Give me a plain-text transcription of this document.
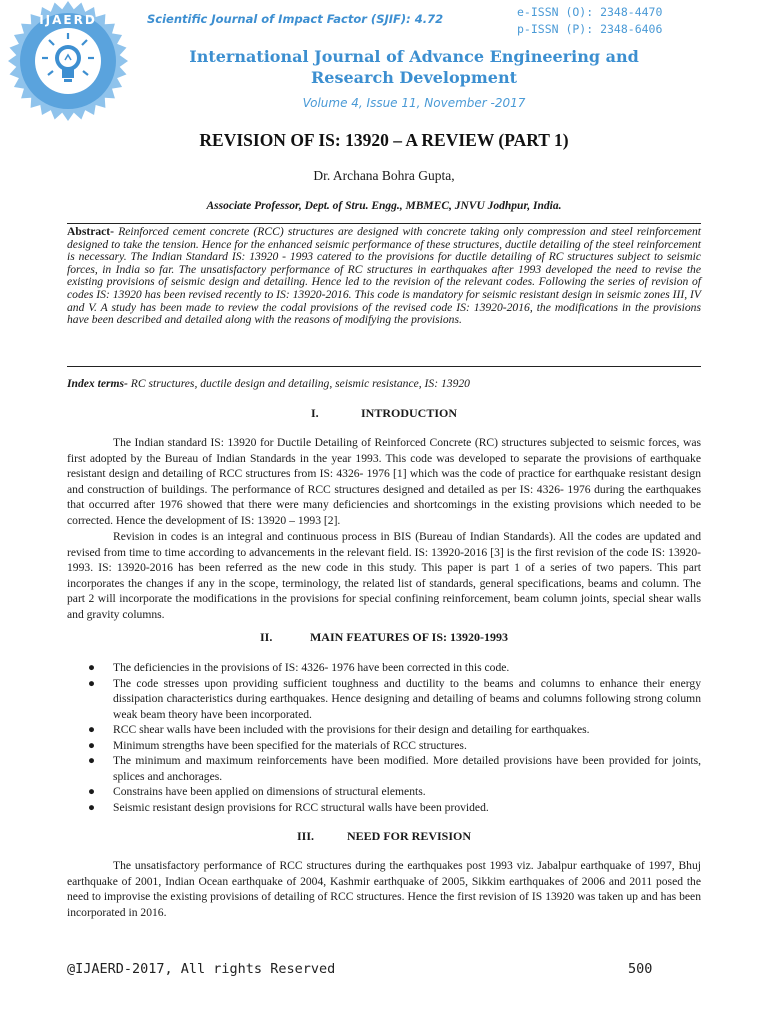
IJAERD	Scientific Journal of Impact Factor (SJIF): 4.72	e-ISSN (O): 2348-4470
p-ISSN (P): 2348-6406
International Journal of Advance Engineering and Research Development
Volume 4, Issue 11, November -2017
REVISION OF IS: 13920 – A REVIEW (PART 1)
Dr. Archana Bohra Gupta,
Associate Professor, Dept. of Stru. Engg., MBMEC, JNVU Jodhpur, India.
Abstract- Reinforced cement concrete (RCC) structures are designed with concrete taking only compression and steel reinforcement designed to take the tension. Hence for the enhanced seismic performance of these structures, ductile detailing of the steel reinforcement is necessary. The Indian Standard IS: 13920 - 1993 catered to the provisions for ductile detailing of RC structures subject to seismic forces, in India so far. The unsatisfactory performance of RC structures in earthquakes after 1993 developed the need to revise the existing provisions of seismic design and detailing. Hence led to the revision of the relevant codes. Following the series of revision of codes IS: 13920 has been revised recently to IS: 13920-2016. This code is mandatory for seismic resistant design in seismic zones III, IV and V. A study has been made to review the codal provisions of the revised code IS: 13920-2016, the modifications in the provisions have been described and detailed along with the reasons of modifying the provisions.
Index terms- RC structures, ductile design and detailing, seismic resistance, IS: 13920
I.	INTRODUCTION

The Indian standard IS: 13920 for Ductile Detailing of Reinforced Concrete (RC) structures subjected to seismic forces, was first adopted by the Bureau of Indian Standards in the year 1993. This code was developed to separate the provisions of earthquake resistant design and detailing of RCC structures from IS: 4326- 1976 [1] which was the code of practice for earthquake resistant design and construction of buildings. The performance of RCC structures designed and detailed as per IS: 4326- 1976 during the earthquakes that occurred after 1976 showed that there were many deficiencies and shortcomings in the existing provisions which needed to be corrected. Hence the development of IS: 13920 – 1993 [2].

Revision in codes is an integral and continuous process in BIS (Bureau of Indian Standards). All the codes are updated and revised from time to time according to advancements in the relevant field. IS: 13920-2016 [3] is the first revision of the code IS: 13920-1993. IS: 13920-2016 has been referred as the new code in this study. This paper is part 1 of a series of two papers. This part incorporates the changes if any in the scope, terminology, the related list of standards, general specifications, beams and column. The part 2 will incorporate the modifications in the provisions for special confining reinforcement, beam column joints, special shear walls and gravity columns.

II.	MAIN FEATURES OF IS: 13920-1993
● The deficiencies in the provisions of IS: 4326- 1976 have been corrected in this code.
● The code stresses upon providing sufficient toughness and ductility to the beams and columns to enhance their energy dissipation characteristics during earthquakes. Hence designing and detailing of beams and columns following strong column weak beam theory have been incorporated.
● RCC shear walls have been included with the provisions for their design and detailing for earthquakes.
● Minimum strengths have been specified for the materials of RCC structures.
● The minimum and maximum reinforcements have been modified. More detailed provisions have been provided for joints, splices and anchorages.
● Constrains have been applied on dimensions of structural elements.
● Seismic resistant design provisions for RCC structural walls have been provided.
III.	NEED FOR REVISION

The unsatisfactory performance of RCC structures during the earthquakes post 1993 viz. Jabalpur earthquake of 1997, Bhuj earthquake of 2001, Indian Ocean earthquake of 2004, Kashmir earthquake of 2005, Sikkim earthquakes of 2006 and 2011 posed the need to improvise the existing provisions of detailing of RCC structures. Hence the first revision of IS 13920 was taken up and has been incorporated in 2016.

@IJAERD-2017, All rights Reserved	500
